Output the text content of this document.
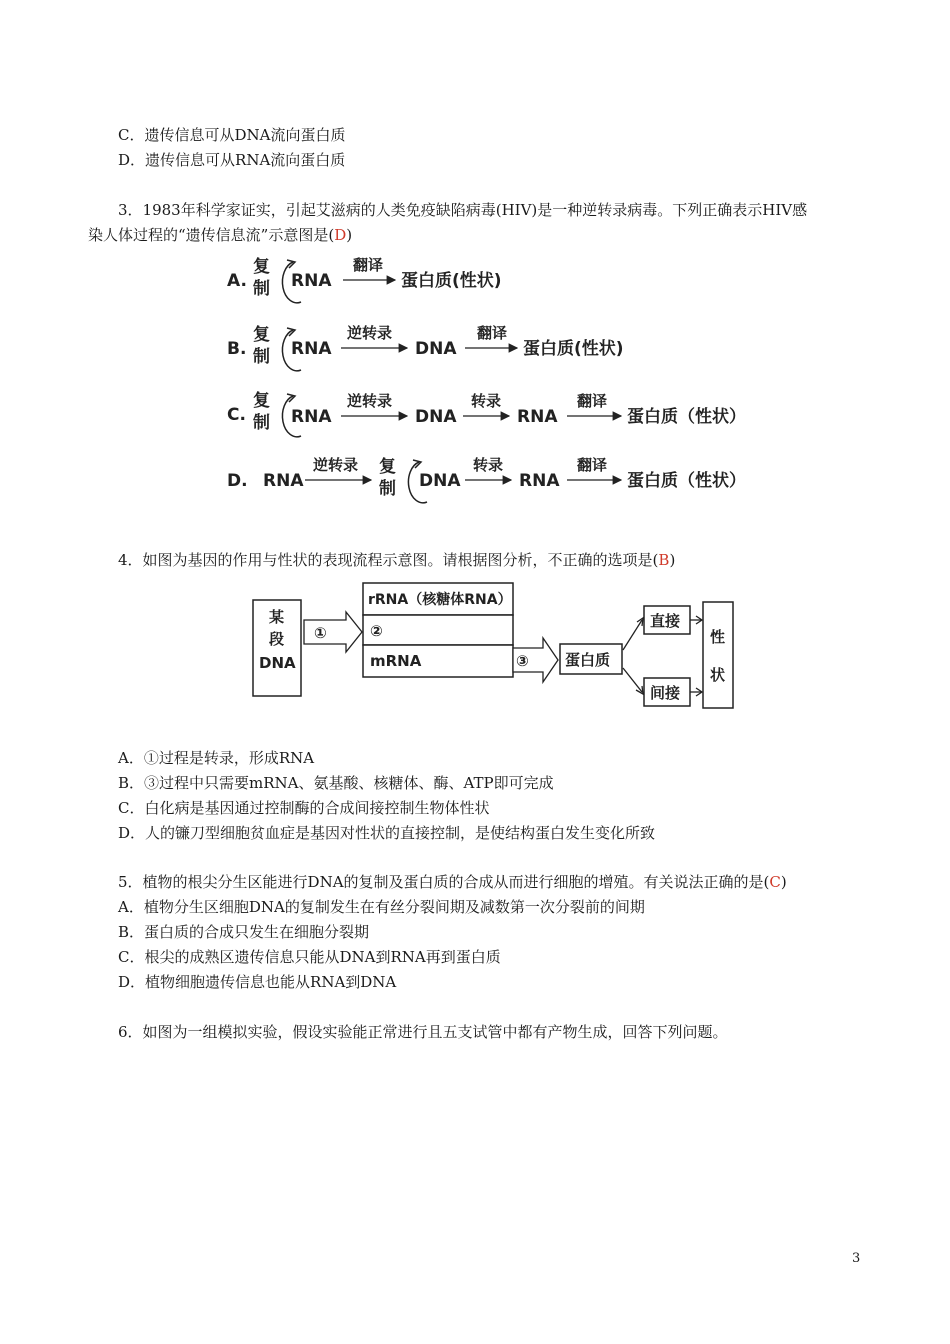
C．遗传信息可从DNA流向蛋白质
D．遗传信息可从RNA流向蛋白质
3．1983年科学家证实，引起艾滋病的人类免疫缺陷病毒(HIV)是一种逆转录病毒。下列正确表示HIV感
染人体过程的“遗传信息流”示意图是(D)
A.
复
制 RNA
翻译
蛋白质(性状)
B.
复
制 RNA
逆转录
DNA
翻译
蛋白质(性状)
C.
复
制 RNA
逆转录
DNA
转录
RNA
翻译
蛋白质（性状）
D. RNA
逆转录 复
制 DNA
转录
RNA
翻译
蛋白质（性状）
4．如图为基因的作用与性状的表现流程示意图。请根据图分析，不正确的选项是(B)
某
段
DNA
①
rRNA（核糖体RNA）
②
mRNA	③ 蛋白质
直接
间接
性
状
A．①过程是转录，形成RNA
B．③过程中只需要mRNA、氨基酸、核糖体、酶、ATP即可完成
C．白化病是基因通过控制酶的合成间接控制生物体性状
D．人的镰刀型细胞贫血症是基因对性状的直接控制，是使结构蛋白发生变化所致
5．植物的根尖分生区能进行DNA的复制及蛋白质的合成从而进行细胞的增殖。有关说法正确的是(C)
A．植物分生区细胞DNA的复制发生在有丝分裂间期及减数第一次分裂前的间期
B．蛋白质的合成只发生在细胞分裂期
C．根尖的成熟区遗传信息只能从DNA到RNA再到蛋白质
D．植物细胞遗传信息也能从RNA到DNA
6．如图为一组模拟实验，假设实验能正常进行且五支试管中都有产物生成，回答下列问题。
3
